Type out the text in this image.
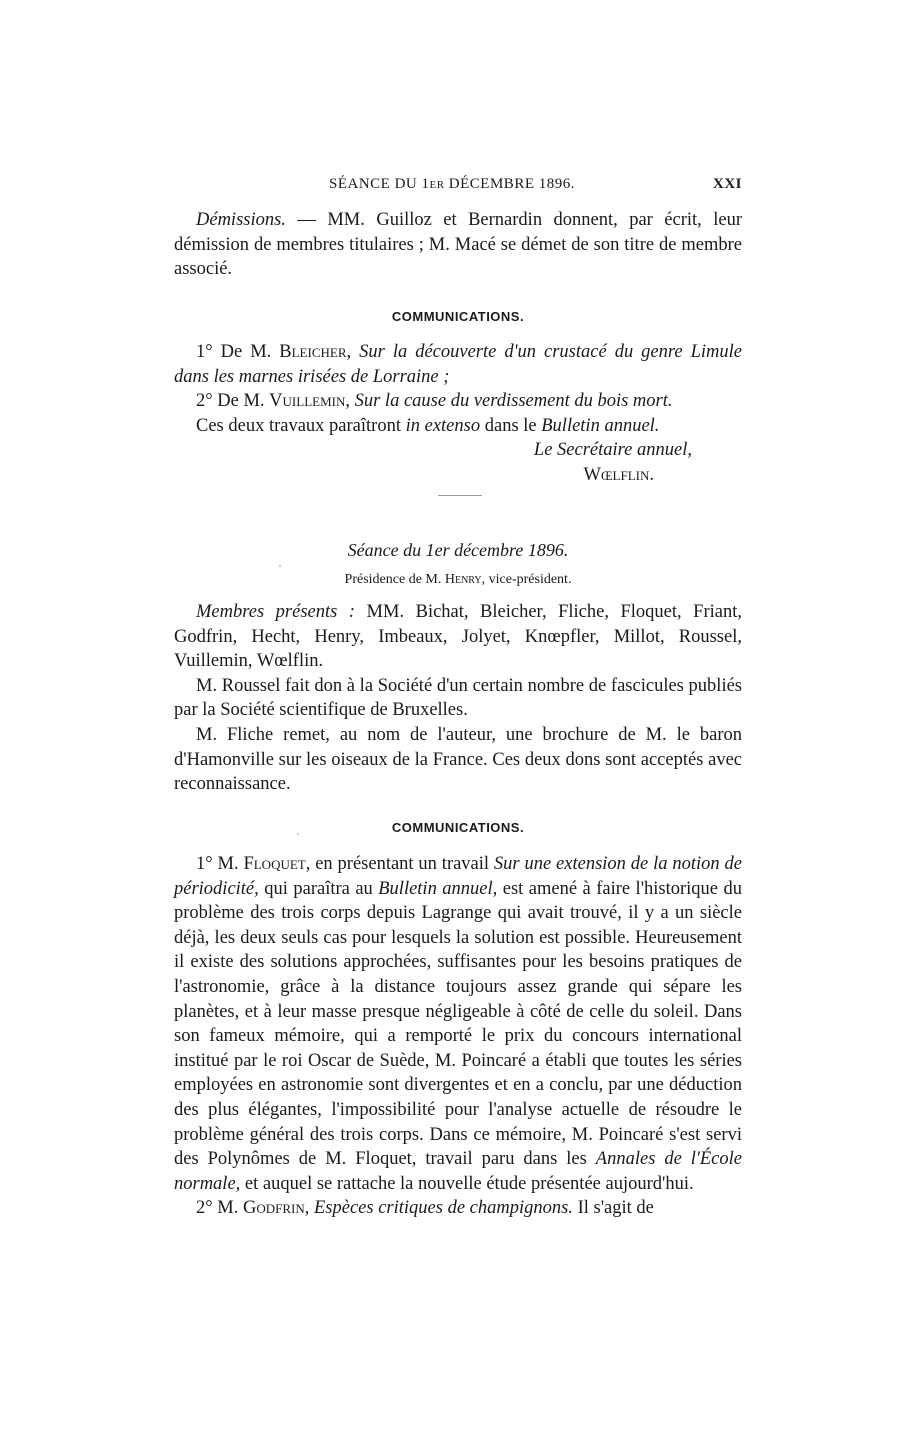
SÉANCE DU 1er DÉCEMBRE 1896.	XXI

Démissions. — MM. Guilloz et Bernardin donnent, par écrit, leur démission de membres titulaires ; M. Macé se démet de son titre de membre associé.

COMMUNICATIONS.

1° De M. Bleicher, Sur la découverte d'un crustacé du genre Limule dans les marnes irisées de Lorraine ;

2° De M. Vuillemin, Sur la cause du verdissement du bois mort.

Ces deux travaux paraîtront in extenso dans le Bulletin annuel.

Le Secrétaire annuel,

Wœlflin.

Séance du 1er décembre 1896.
Présidence de M. Henry, vice-président.

Membres présents : MM. Bichat, Bleicher, Fliche, Floquet, Friant, Godfrin, Hecht, Henry, Imbeaux, Jolyet, Knœpfler, Millot, Roussel, Vuillemin, Wœlflin.

M. Roussel fait don à la Société d'un certain nombre de fascicules publiés par la Société scientifique de Bruxelles.

M. Fliche remet, au nom de l'auteur, une brochure de M. le baron d'Hamonville sur les oiseaux de la France. Ces deux dons sont acceptés avec reconnaissance.

COMMUNICATIONS.

1° M. Floquet, en présentant un travail Sur une extension de la notion de périodicité, qui paraîtra au Bulletin annuel, est amené à faire l'historique du problème des trois corps depuis Lagrange qui avait trouvé, il y a un siècle déjà, les deux seuls cas pour lesquels la solution est possible. Heureusement il existe des solutions approchées, suffisantes pour les besoins pratiques de l'astronomie, grâce à la distance toujours assez grande qui sépare les planètes, et à leur masse presque négligeable à côté de celle du soleil. Dans son fameux mémoire, qui a remporté le prix du concours international institué par le roi Oscar de Suède, M. Poincaré a établi que toutes les séries employées en astronomie sont divergentes et en a conclu, par une déduction des plus élégantes, l'impossibilité pour l'analyse actuelle de résoudre le problème général des trois corps. Dans ce mémoire, M. Poincaré s'est servi des Polynômes de M. Floquet, travail paru dans les Annales de l'École normale, et auquel se rattache la nouvelle étude présentée aujourd'hui.

2° M. Godfrin, Espèces critiques de champignons. Il s'agit de
